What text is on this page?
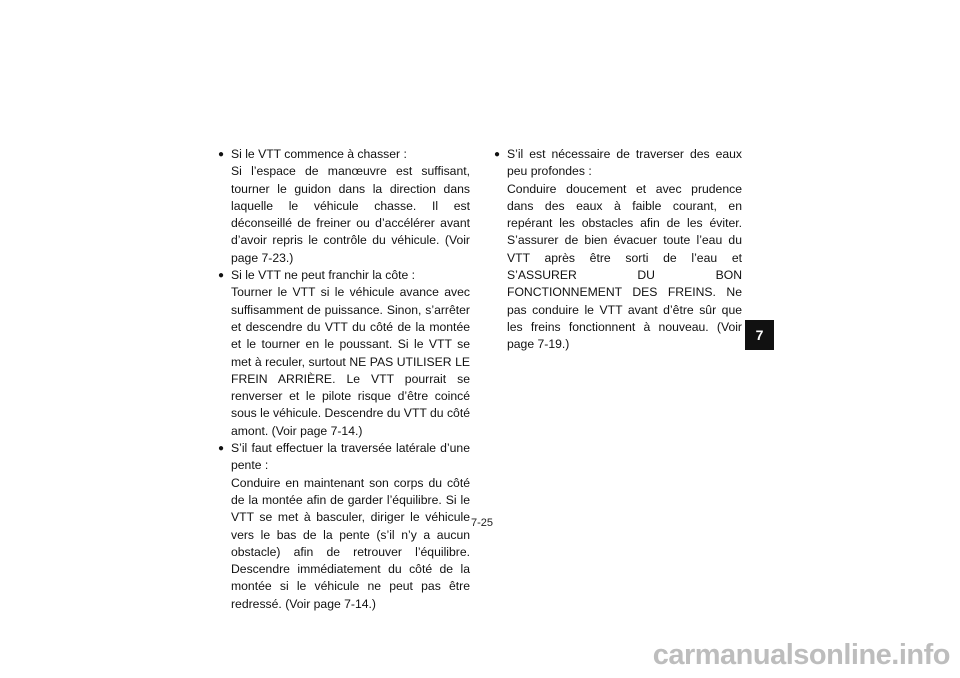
● Si le VTT commence à chasser :

Si l’espace de manœuvre est suffisant, tourner le guidon dans la direction dans laquelle le véhicule chasse. Il est déconseillé de freiner ou d’accélérer avant d’avoir repris le contrôle du véhicule. (Voir page 7-23.)

● Si le VTT ne peut franchir la côte :

Tourner le VTT si le véhicule avance avec suffisamment de puissance. Sinon, s’arrêter et descendre du VTT du côté de la montée et le tourner en le poussant. Si le VTT se met à reculer, surtout NE PAS UTILISER LE FREIN ARRIÈRE. Le VTT pourrait se renverser et le pilote risque d’être coincé sous le véhicule. Descendre du VTT du côté amont. (Voir page 7-14.)

● S’il faut effectuer la traversée latérale d’une pente :

Conduire en maintenant son corps du côté de la montée afin de garder l’équilibre. Si le VTT se met à basculer, diriger le véhicule vers le bas de la pente (s’il n’y a aucun obstacle) afin de retrouver l’équilibre. Descendre immédiatement du côté de la montée si le véhicule ne peut pas être redressé. (Voir page 7-14.)

● S’il est nécessaire de traverser des eaux peu profondes :

Conduire doucement et avec prudence dans des eaux à faible courant, en repérant les obstacles afin de les éviter. S’assurer de bien évacuer toute l’eau du VTT après être sorti de l’eau et S’ASSURER DU BON FONCTIONNEMENT DES FREINS. Ne pas conduire le VTT avant d’être sûr que les freins fonctionnent à nouveau. (Voir page 7-19.)

7
7-25
carmanualsonline.info
